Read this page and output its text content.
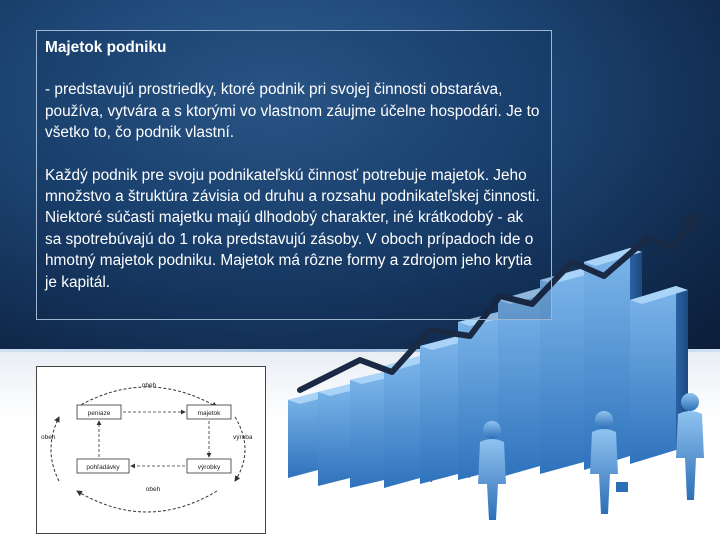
Majetok podniku
- predstavujú prostriedky, ktoré podnik pri svojej činnosti obstaráva, používa, vytvára a s ktorými vo vlastnom záujme účelne hospodári. Je to všetko to, čo podnik vlastní.
Každý podnik pre svoju podnikateľskú činnosť potrebuje majetok. Jeho množstvo a štruktúra závisia od druhu a rozsahu podnikateľskej činnosti. Niektoré súčasti majetku majú dlhodobý charakter, iné krátkodobý - ak sa spotrebúvajú do 1 roka predstavujú zásoby. V oboch prípadoch ide o hmotný majetok podniku. Majetok má rôzne formy a zdrojom jeho krytia je kapitál.
obeh
obeh
obeh	výroba
peniaze	majetok
pohľadávky	výrobky
